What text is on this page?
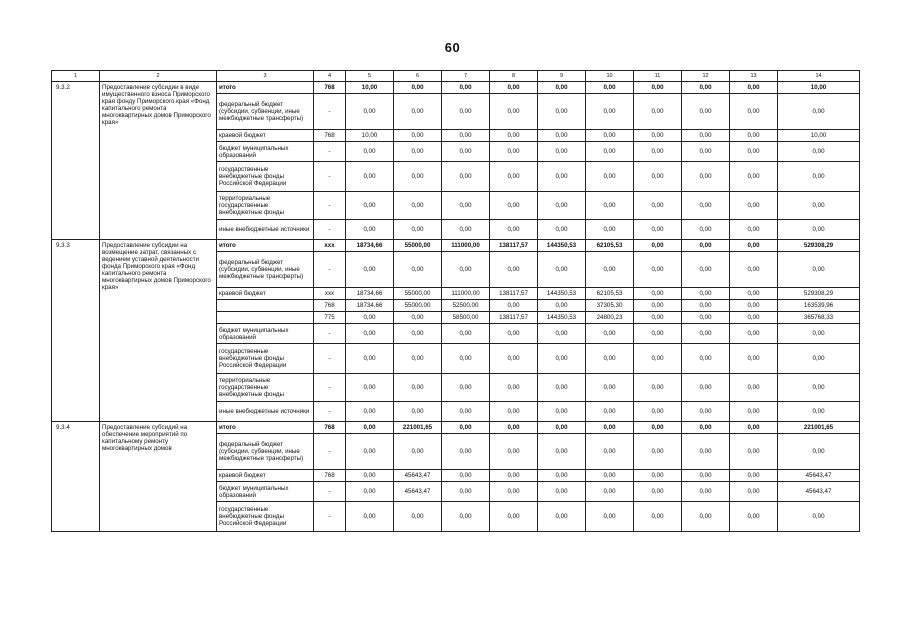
60
1	2	3	4	5	6	7	8	9	10	11	12	13	14
9.3.2	Предоставление субсидии в виде имущественного взноса Приморского края фонду Приморского края «Фонд капитального ремонта многоквартирных домов Приморского края»	итого	768	10,00	0,00	0,00	0,00	0,00	0,00	0,00	0,00	0,00	10,00
		федеральный бюджет (субсидии, субвенции, иные межбюджетные трансферты)	-	0,00	0,00	0,00	0,00	0,00	0,00	0,00	0,00	0,00	0,00
		краевой бюджет	768	10,00	0,00	0,00	0,00	0,00	0,00	0,00	0,00	0,00	10,00
		бюджет муниципальных образований	-	0,00	0,00	0,00	0,00	0,00	0,00	0,00	0,00	0,00	0,00
		государственные внебюджетные фонды Российской Федерации	-	0,00	0,00	0,00	0,00	0,00	0,00	0,00	0,00	0,00	0,00
		территориальные государственные внебюджетные фонды	-	0,00	0,00	0,00	0,00	0,00	0,00	0,00	0,00	0,00	0,00
		иные внебюджетные источники	-	0,00	0,00	0,00	0,00	0,00	0,00	0,00	0,00	0,00	0,00
9.3.3	Предоставление субсидии на возмещение затрат, связанных с ведением уставной деятельности фонда Приморского края «Фонд капитального ремонта многоквартирных домов Приморского края»	итого	ххх	18734,66	55000,00	111000,00	138117,57	144350,53	62105,53	0,00	0,00	0,00	529308,29
		федеральный бюджет (субсидии, субвенции, иные межбюджетные трансферты)	-	0,00	0,00	0,00	0,00	0,00	0,00	0,00	0,00	0,00	0,00
		краевой бюджет	ххх	18734,66	55000,00	111000,00	138117,57	144350,53	62105,53	0,00	0,00	0,00	529308,29
			768	18734,66	55000,00	52500,00	0,00	0,00	37305,30	0,00	0,00	0,00	163539,96
			775	0,00	0,00	58500,00	138117,57	144350,53	24800,23	0,00	0,00	0,00	365768,33
		бюджет муниципальных образований	-	0,00	0,00	0,00	0,00	0,00	0,00	0,00	0,00	0,00	0,00
		государственные внебюджетные фонды Российской Федерации	-	0,00	0,00	0,00	0,00	0,00	0,00	0,00	0,00	0,00	0,00
		территориальные государственные внебюджетные фонды	-	0,00	0,00	0,00	0,00	0,00	0,00	0,00	0,00	0,00	0,00
		иные внебюджетные источники	-	0,00	0,00	0,00	0,00	0,00	0,00	0,00	0,00	0,00	0,00
9.3.4	Предоставление субсидий на обеспечение мероприятий по капитальному ремонту многоквартирных домов	итого	768	0,00	221001,65	0,00	0,00	0,00	0,00	0,00	0,00	0,00	221001,65
		федеральный бюджет (субсидии, субвенции, иные межбюджетные трансферты)	-	0,00	0,00	0,00	0,00	0,00	0,00	0,00	0,00	0,00	0,00
		краевой бюджет	768	0,00	45643,47	0,00	0,00	0,00	0,00	0,00	0,00	0,00	45643,47
		бюджет муниципальных образований	-	0,00	45643,47	0,00	0,00	0,00	0,00	0,00	0,00	0,00	45643,47
		государственные внебюджетные фонды Российской Федерации	-	0,00	0,00	0,00	0,00	0,00	0,00	0,00	0,00	0,00	0,00
